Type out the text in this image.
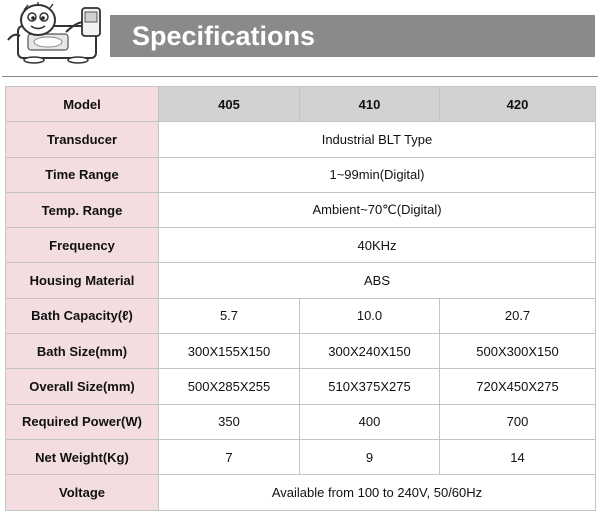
Specifications
Model	405	410	420
Transducer	Industrial BLT Type		
Time Range	1~99min(Digital)		
Temp. Range	Ambient~70℃(Digital)		
Frequency	40KHz		
Housing Material	ABS		
Bath Capacity(ℓ)	5.7	10.0	20.7
Bath Size(mm)	300X155X150	300X240X150	500X300X150
Overall Size(mm)	500X285X255	510X375X275	720X450X275
Required Power(W)	350	400	700
Net Weight(Kg)	7	9	14
Voltage	Available from 100 to 240V, 50/60Hz		
